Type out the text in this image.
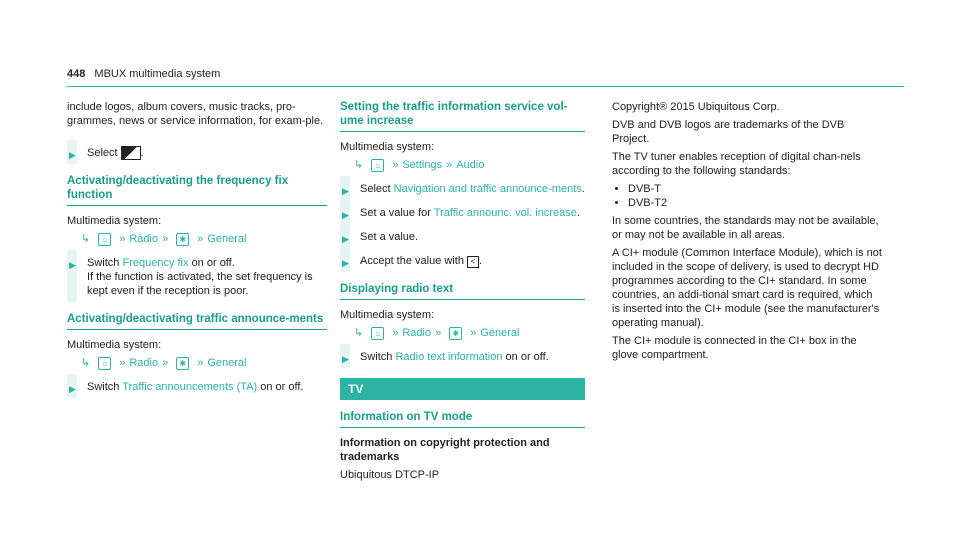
448 MBUX multimedia system

include logos, album covers, music tracks, pro-grammes, news or service information, for exam-ple.

▶ Select .
Activating/deactivating the frequency fix function

Multimedia system:

↳ ⌂ » Radio » ✱ » General
▶ Switch Frequency fix on or off.
If the function is activated, the set frequency is kept even if the reception is poor.
Activating/deactivating traffic announce-ments

Multimedia system:

↳ ⌂ » Radio » ✱ » General
▶ Switch Traffic announcements (TA) on or off.
Setting the traffic information service vol-ume increase

Multimedia system:

↳ ⌂ » Settings » Audio
▶ Select Navigation and traffic announce-ments.
▶ Set a value for Traffic announc. vol. increase.
▶ Set a value.
▶ Accept the value with < .
Displaying radio text

Multimedia system:

↳ ⌂ » Radio » ✱ » General
▶ Switch Radio text information on or off.
TV
Information on TV mode

Information on copyright protection and trademarks

Ubiquitous DTCP-IP

Copyright® 2015 Ubiquitous Corp.

DVB and DVB logos are trademarks of the DVB Project.

The TV tuner enables reception of digital chan-nels according to the following standards:

• DVB-T
• DVB-T2

In some countries, the standards may not be available, or may not be available in all areas.

A CI+ module (Common Interface Module), which is not included in the scope of delivery, is used to decrypt HD programmes according to the CI+ standard. In some countries, an addi-tional smart card is required, which is inserted into the CI+ module (see the manufacturer's operating manual).

The CI+ module is connected in the CI+ box in the glove compartment.
